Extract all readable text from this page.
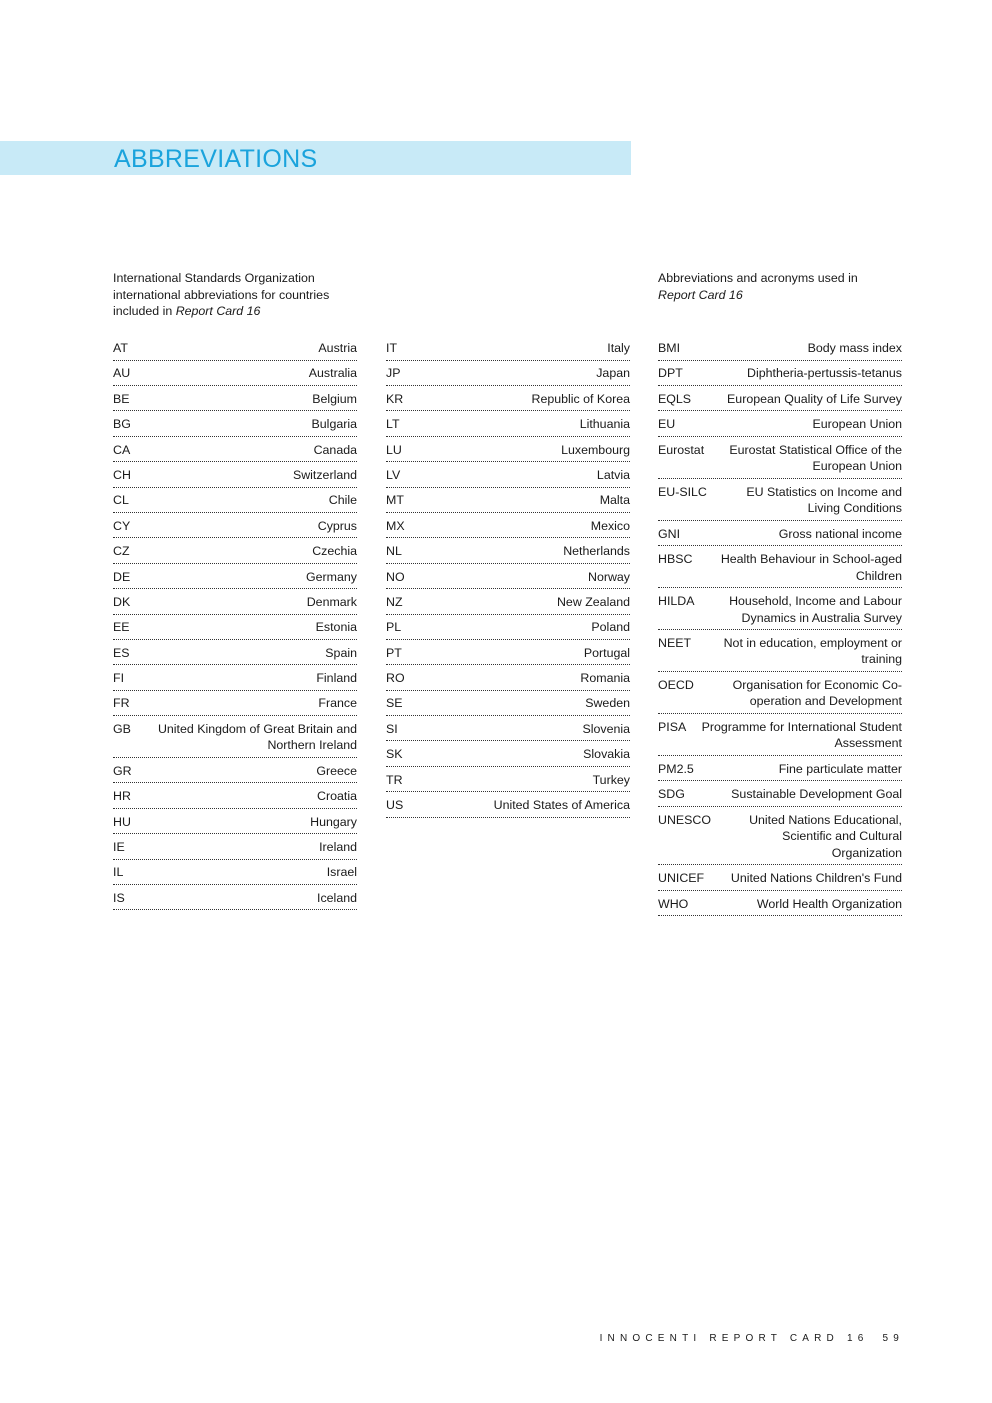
ABBREVIATIONS
International Standards Organization
international abbreviations for countries
included in Report Card 16
Abbreviations and acronyms used in
Report Card 16
AT	Austria
AU	Australia
BE	Belgium
BG	Bulgaria
CA	Canada
CH	Switzerland
CL	Chile
CY	Cyprus
CZ	Czechia
DE	Germany
DK	Denmark
EE	Estonia
ES	Spain
FI	Finland
FR	France
GB	United Kingdom of Great Britain and Northern Ireland
GR	Greece
HR	Croatia
HU	Hungary
IE	Ireland
IL	Israel
IS	Iceland
IT	Italy
JP	Japan
KR	Republic of Korea
LT	Lithuania
LU	Luxembourg
LV	Latvia
MT	Malta
MX	Mexico
NL	Netherlands
NO	Norway
NZ	New Zealand
PL	Poland
PT	Portugal
RO	Romania
SE	Sweden
SI	Slovenia
SK	Slovakia
TR	Turkey
US	United States of America
BMI	Body mass index
DPT	Diphtheria-pertussis-tetanus
EQLS	European Quality of Life Survey
EU	European Union
Eurostat	Eurostat Statistical Office of the European Union
EU-SILC	EU Statistics on Income and Living Conditions
GNI	Gross national income
HBSC	Health Behaviour in School-aged Children
HILDA	Household, Income and Labour Dynamics in Australia Survey
NEET	Not in education, employment or training
OECD	Organisation for Economic Co-operation and Development
PISA	Programme for International Student Assessment
PM2.5	Fine particulate matter
SDG	Sustainable Development Goal
UNESCO	United Nations Educational, Scientific and Cultural Organization
UNICEF	United Nations Children's Fund
WHO	World Health Organization
INNOCENTI REPORT CARD 16 59
